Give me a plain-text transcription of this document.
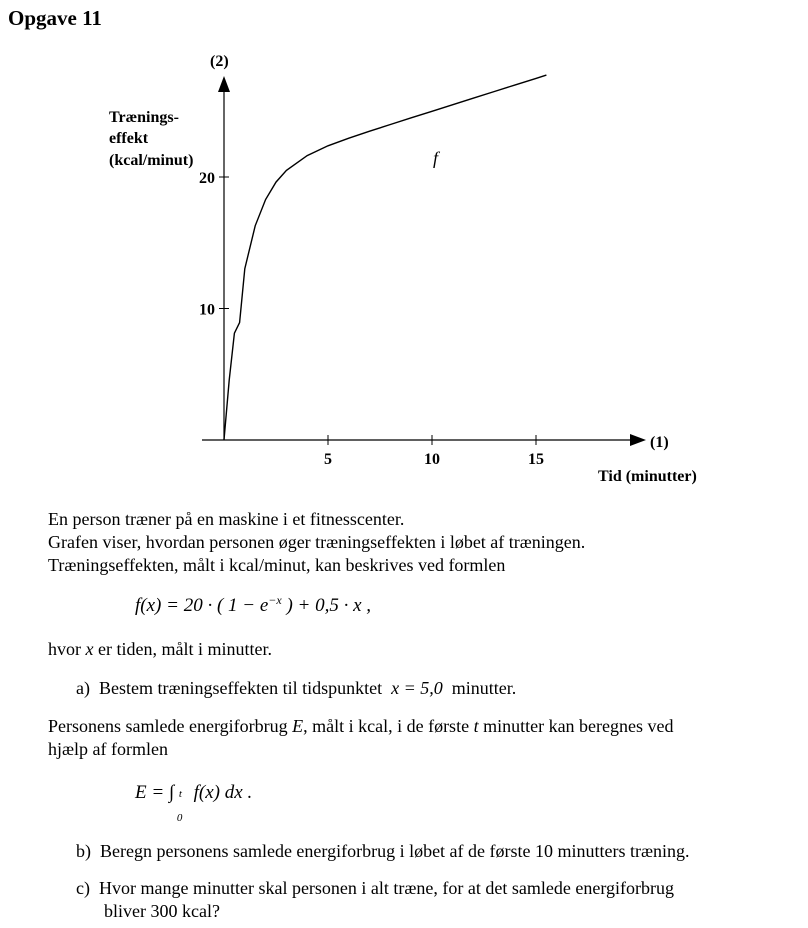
Opgave 11
(2)
Trænings-
effekt
(kcal/minut)
(1)
Tid (minutter)
5	10	15
10
20
f
En person træner på en maskine i et fitnesscenter.
Grafen viser, hvordan personen øger træningseffekten i løbet af træningen.
Træningseffekten, målt i kcal/minut, kan beskrives ved formlen
f(x) = 20 · ( $1 - e^{-x}$ ) + 0,5 · x ,
hvor x er tiden, målt i minutter.
a) Bestem træningseffekten til tidspunktet x = 5,0 minutter.
Personens samlede energiforbrug E, målt i kcal, i de første t minutter kan beregnes ved
hjælp af formlen
E = ∫ t
0
f(x) dx .
b) Beregn personens samlede energiforbrug i løbet af de første 10 minutters træning.
c) Hvor mange minutter skal personen i alt træne, for at det samlede energiforbrug
bliver 300 kcal?
